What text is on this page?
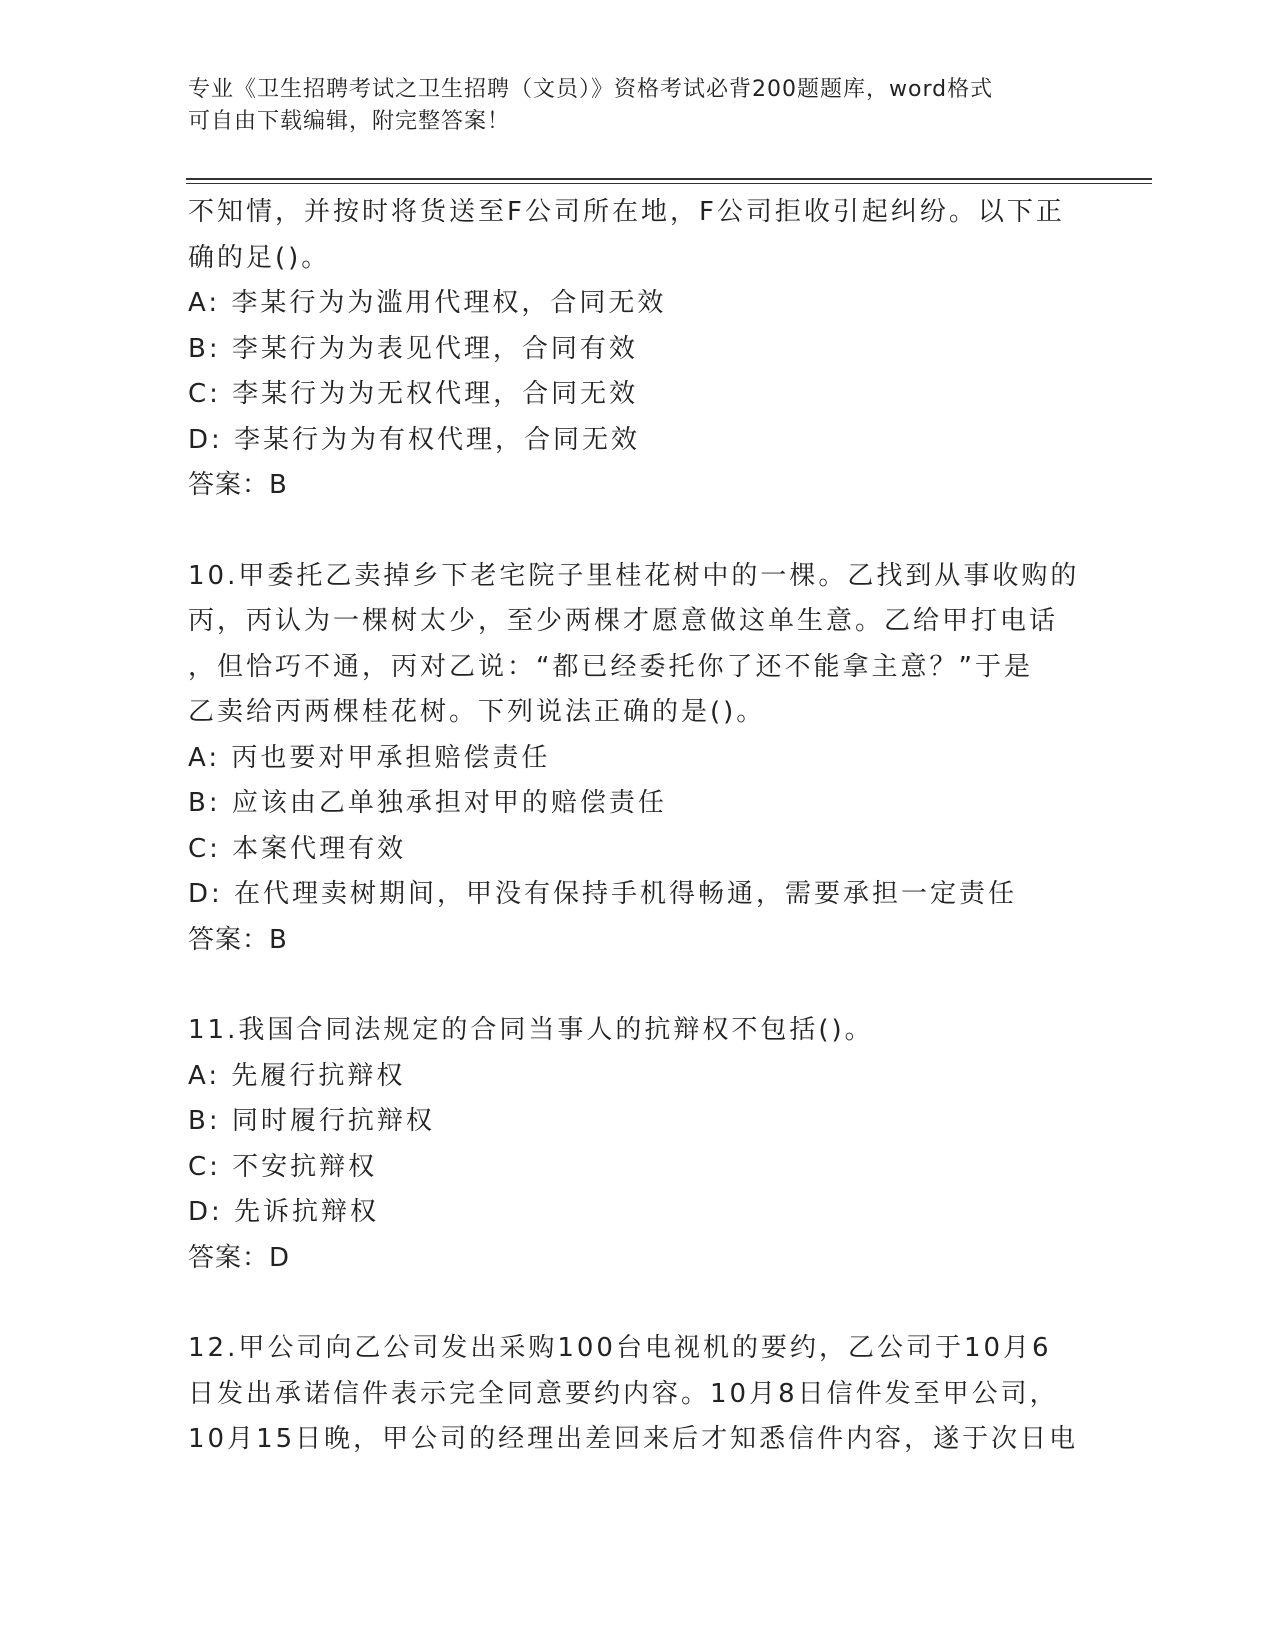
专业《卫生招聘考试之卫生招聘（文员）》资格考试必背200题题库，word格式
可自由下载编辑，附完整答案！
不知情，并按时将货送至F公司所在地，F公司拒收引起纠纷。以下正
确的足()。
A: 李某行为为滥用代理权，合同无效
B: 李某行为为表见代理，合同有效
C: 李某行为为无权代理，合同无效
D: 李某行为为有权代理，合同无效
答案：B
10.甲委托乙卖掉乡下老宅院子里桂花树中的一棵。乙找到从事收购的
丙，丙认为一棵树太少，至少两棵才愿意做这单生意。乙给甲打电话
，但恰巧不通，丙对乙说：“都已经委托你了还不能拿主意？”于是
乙卖给丙两棵桂花树。下列说法正确的是()。
A: 丙也要对甲承担赔偿责任
B: 应该由乙单独承担对甲的赔偿责任
C: 本案代理有效
D: 在代理卖树期间，甲没有保持手机得畅通，需要承担一定责任
答案：B
11.我国合同法规定的合同当事人的抗辩权不包括()。
A: 先履行抗辩权
B: 同时履行抗辩权
C: 不安抗辩权
D: 先诉抗辩权
答案：D
12.甲公司向乙公司发出采购100台电视机的要约，乙公司于10月6
日发出承诺信件表示完全同意要约内容。10月8日信件发至甲公司，
10月15日晚，甲公司的经理出差回来后才知悉信件内容，遂于次日电
